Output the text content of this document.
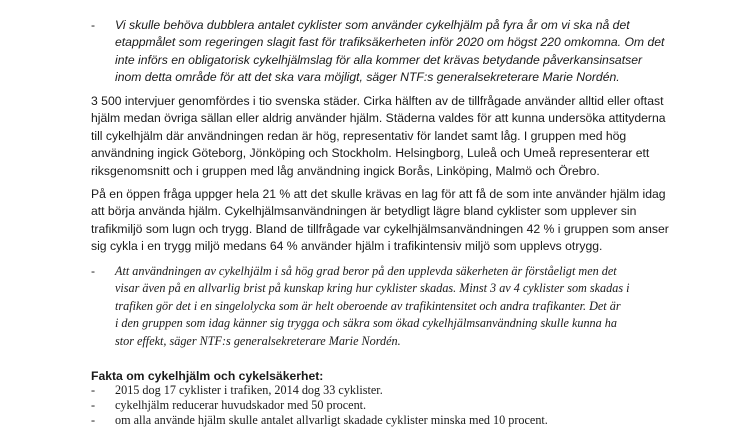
- Vi skulle behöva dubblera antalet cyklister som använder cykelhjälm på fyra år om vi ska nå det
etappmålet som regeringen slagit fast för trafiksäkerheten inför 2020 om högst 220 omkomna. Om det
inte införs en obligatorisk cykelhjälmslag för alla kommer det krävas betydande påverkansinsatser
inom detta område för att det ska vara möjligt, säger NTF:s generalsekreterare Marie Nordén.
3 500 intervjuer genomfördes i tio svenska städer. Cirka hälften av de tillfrågade använder alltid eller oftast
hjälm medan övriga sällan eller aldrig använder hjälm. Städerna valdes för att kunna undersöka attityderna
till cykelhjälm där användningen redan är hög, representativ för landet samt låg. I gruppen med hög
användning ingick Göteborg, Jönköping och Stockholm. Helsingborg, Luleå och Umeå representerar ett
riksgenomsnitt och i gruppen med låg användning ingick Borås, Linköping, Malmö och Örebro.
På en öppen fråga uppger hela 21 % att det skulle krävas en lag för att få de som inte använder hjälm idag
att börja använda hjälm. Cykelhjälmsanvändningen är betydligt lägre bland cyklister som upplever sin
trafikmiljö som lugn och trygg. Bland de tillfrågade var cykelhjälmsanvändningen 42 % i gruppen som anser
sig cykla i en trygg miljö medans 64 % använder hjälm i trafikintensiv miljö som upplevs otrygg.
- Att användningen av cykelhjälm i så hög grad beror på den upplevda säkerheten är förståeligt men det
visar även på en allvarlig brist på kunskap kring hur cyklister skadas. Minst 3 av 4 cyklister som skadas i
trafiken gör det i en singelolycka som är helt oberoende av trafikintensitet och andra trafikanter. Det är
i den gruppen som idag känner sig trygga och säkra som ökad cykelhjälmsanvändning skulle kunna ha
stor effekt, säger NTF:s generalsekreterare Marie Nordén.
Fakta om cykelhjälm och cykelsäkerhet:
- 2015 dog 17 cyklister i trafiken, 2014 dog 33 cyklister.
- cykelhjälm reducerar huvudskador med 50 procent.
- om alla använde hjälm skulle antalet allvarligt skadade cyklister minska med 10 procent.
